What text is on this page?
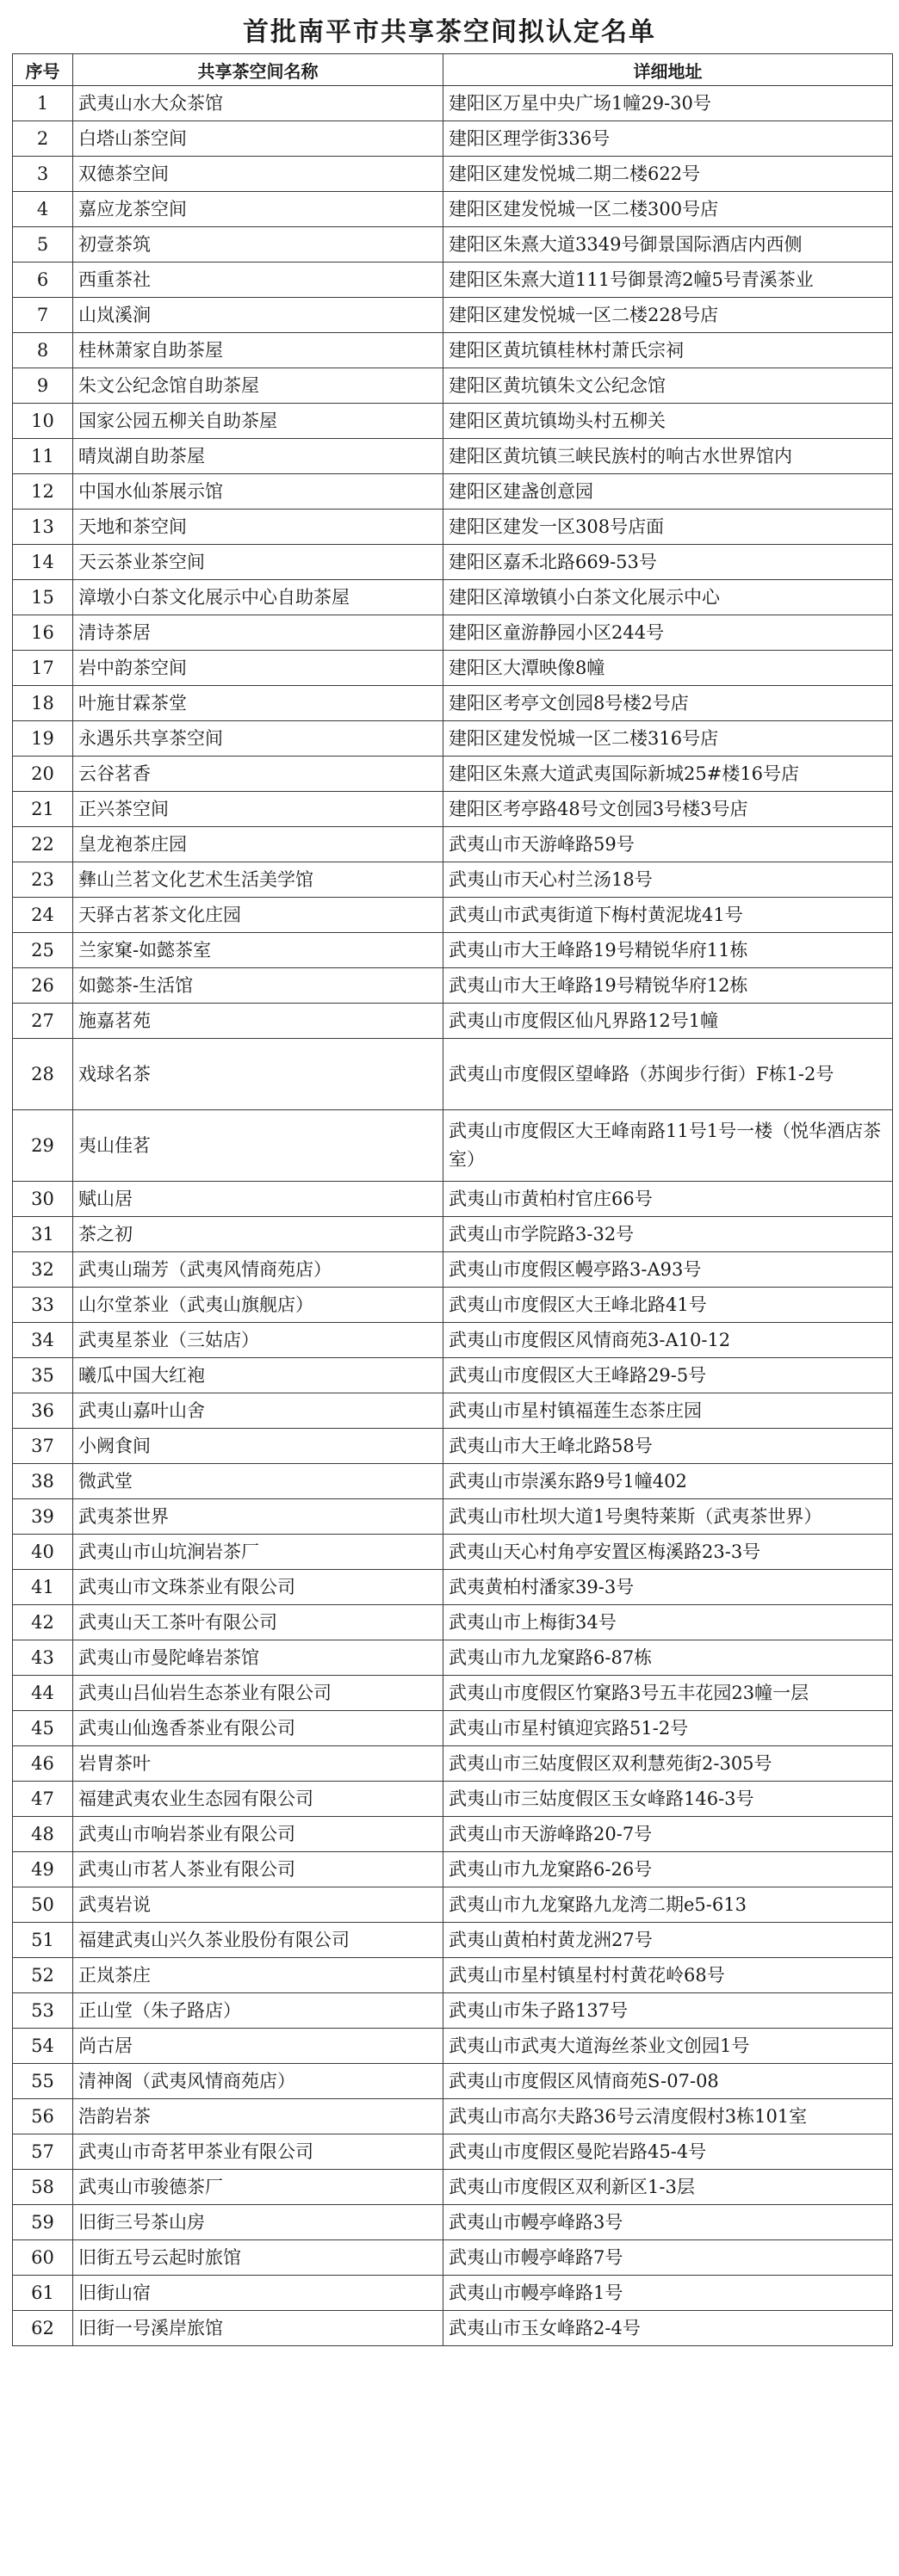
首批南平市共享茶空间拟认定名单
序号	共享茶空间名称	详细地址
1	武夷山水大众茶馆	建阳区万星中央广场1幢29-30号
2	白塔山茶空间	建阳区理学街336号
3	双德茶空间	建阳区建发悦城二期二楼622号
4	嘉应龙茶空间	建阳区建发悦城一区二楼300号店
5	初壹茶筑	建阳区朱熹大道3349号御景国际酒店内西侧
6	西重茶社	建阳区朱熹大道111号御景湾2幢5号青溪茶业
7	山岚溪涧	建阳区建发悦城一区二楼228号店
8	桂林萧家自助茶屋	建阳区黄坑镇桂林村萧氏宗祠
9	朱文公纪念馆自助茶屋	建阳区黄坑镇朱文公纪念馆
10	国家公园五柳关自助茶屋	建阳区黄坑镇坳头村五柳关
11	晴岚湖自助茶屋	建阳区黄坑镇三峡民族村的响古水世界馆内
12	中国水仙茶展示馆	建阳区建盏创意园
13	天地和茶空间	建阳区建发一区308号店面
14	天云茶业茶空间	建阳区嘉禾北路669-53号
15	漳墩小白茶文化展示中心自助茶屋	建阳区漳墩镇小白茶文化展示中心
16	清诗茶居	建阳区童游静园小区244号
17	岩中韵茶空间	建阳区大潭映像8幢
18	叶施甘霖茶堂	建阳区考亭文创园8号楼2号店
19	永遇乐共享茶空间	建阳区建发悦城一区二楼316号店
20	云谷茗香	建阳区朱熹大道武夷国际新城25#楼16号店
21	正兴茶空间	建阳区考亭路48号文创园3号楼3号店
22	皇龙袍茶庄园	武夷山市天游峰路59号
23	彝山兰茗文化艺术生活美学馆	武夷山市天心村兰汤18号
24	天驿古茗茶文化庄园	武夷山市武夷街道下梅村黄泥垅41号
25	兰家窠-如懿茶室	武夷山市大王峰路19号精锐华府11栋
26	如懿茶-生活馆	武夷山市大王峰路19号精锐华府12栋
27	施嘉茗苑	武夷山市度假区仙凡界路12号1幢
28	戏球名茶	武夷山市度假区望峰路（苏闽步行街）F栋1-2号
29	夷山佳茗	武夷山市度假区大王峰南路11号1号一楼（悦华酒店茶室）
30	赋山居	武夷山市黄柏村官庄66号
31	茶之初	武夷山市学院路3-32号
32	武夷山瑞芳（武夷风情商苑店）	武夷山市度假区幔亭路3-A93号
33	山尔堂茶业（武夷山旗舰店）	武夷山市度假区大王峰北路41号
34	武夷星茶业（三姑店）	武夷山市度假区风情商苑3-A10-12
35	曦瓜中国大红袍	武夷山市度假区大王峰路29-5号
36	武夷山嘉叶山舍	武夷山市星村镇福莲生态茶庄园
37	小阙食间	武夷山市大王峰北路58号
38	微武堂	武夷山市崇溪东路9号1幢402
39	武夷茶世界	武夷山市杜坝大道1号奥特莱斯（武夷茶世界）
40	武夷山市山坑涧岩茶厂	武夷山天心村角亭安置区梅溪路23-3号
41	武夷山市文珠茶业有限公司	武夷黄柏村潘家39-3号
42	武夷山天工茶叶有限公司	武夷山市上梅街34号
43	武夷山市曼陀峰岩茶馆	武夷山市九龙窠路6-87栋
44	武夷山吕仙岩生态茶业有限公司	武夷山市度假区竹窠路3号五丰花园23幢一层
45	武夷山仙逸香茶业有限公司	武夷山市星村镇迎宾路51-2号
46	岩胄茶叶	武夷山市三姑度假区双利慧苑街2-305号
47	福建武夷农业生态园有限公司	武夷山市三姑度假区玉女峰路146-3号
48	武夷山市响岩茶业有限公司	武夷山市天游峰路20-7号
49	武夷山市茗人茶业有限公司	武夷山市九龙窠路6-26号
50	武夷岩说	武夷山市九龙窠路九龙湾二期e5-613
51	福建武夷山兴久茶业股份有限公司	武夷山黄柏村黄龙洲27号
52	正岚茶庄	武夷山市星村镇星村村黄花岭68号
53	正山堂（朱子路店）	武夷山市朱子路137号
54	尚古居	武夷山市武夷大道海丝茶业文创园1号
55	清神阁（武夷风情商苑店）	武夷山市度假区风情商苑S-07-08
56	浩韵岩茶	武夷山市高尔夫路36号云清度假村3栋101室
57	武夷山市奇茗甲茶业有限公司	武夷山市度假区曼陀岩路45-4号
58	武夷山市骏德茶厂	武夷山市度假区双利新区1-3层
59	旧街三号茶山房	武夷山市幔亭峰路3号
60	旧街五号云起时旅馆	武夷山市幔亭峰路7号
61	旧街山宿	武夷山市幔亭峰路1号
62	旧街一号溪岸旅馆	武夷山市玉女峰路2-4号
